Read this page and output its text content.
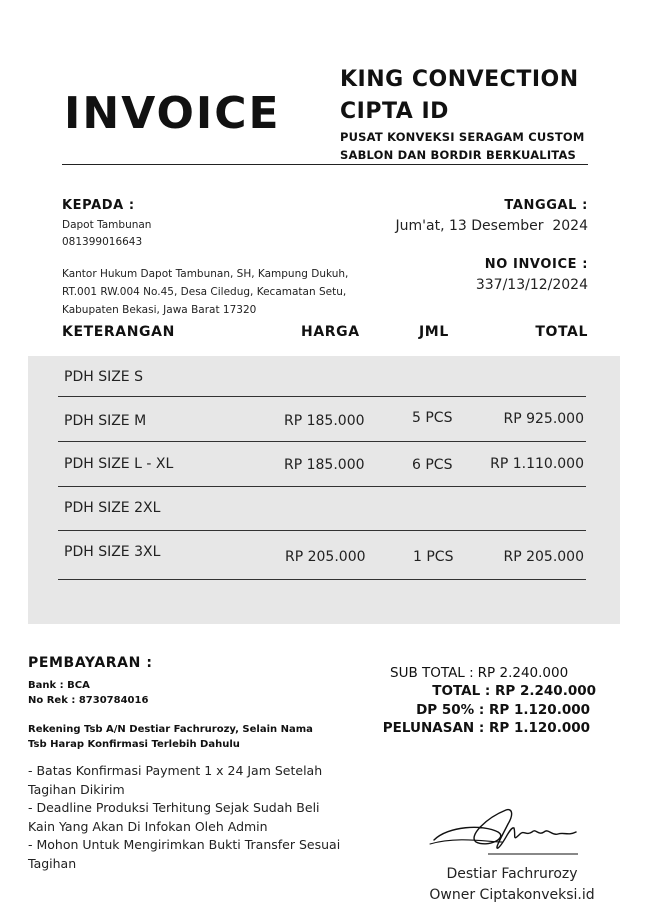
INVOICE
KING CONVECTION
CIPTA ID
PUSAT KONVEKSI SERAGAM CUSTOM
SABLON DAN BORDIR BERKUALITAS
KEPADA :
Dapot Tambunan
081399016643
Kantor Hukum Dapot Tambunan, SH, Kampung Dukuh,
RT.001 RW.004 No.45, Desa Ciledug, Kecamatan Setu,
Kabupaten Bekasi, Jawa Barat 17320
TANGGAL :
Jum'at, 13 Desember  2024
NO INVOICE :
337/13/12/2024
KETERANGAN	HARGA	JML	TOTAL
PDH SIZE S
PDH SIZE M	RP 185.000	5 PCS	RP 925.000
PDH SIZE L - XL	RP 185.000	6 PCS	RP 1.110.000
PDH SIZE 2XL
PDH SIZE 3XL	RP 205.000	1 PCS	RP 205.000
PEMBAYARAN :
Bank : BCA
No Rek : 8730784016
Rekening Tsb A/N Destiar Fachrurozy, Selain Nama
Tsb Harap Konfirmasi Terlebih Dahulu
- Batas Konfirmasi Payment 1 x 24 Jam Setelah
Tagihan Dikirim
- Deadline Produksi Terhitung Sejak Sudah Beli
Kain Yang Akan Di Infokan Oleh Admin
- Mohon Untuk Mengirimkan Bukti Transfer Sesuai
Tagihan
SUB TOTAL : RP 2.240.000
TOTAL : RP 2.240.000
DP 50% : RP 1.120.000
PELUNASAN : RP 1.120.000
Destiar Fachrurozy
Owner Ciptakonveksi.id
